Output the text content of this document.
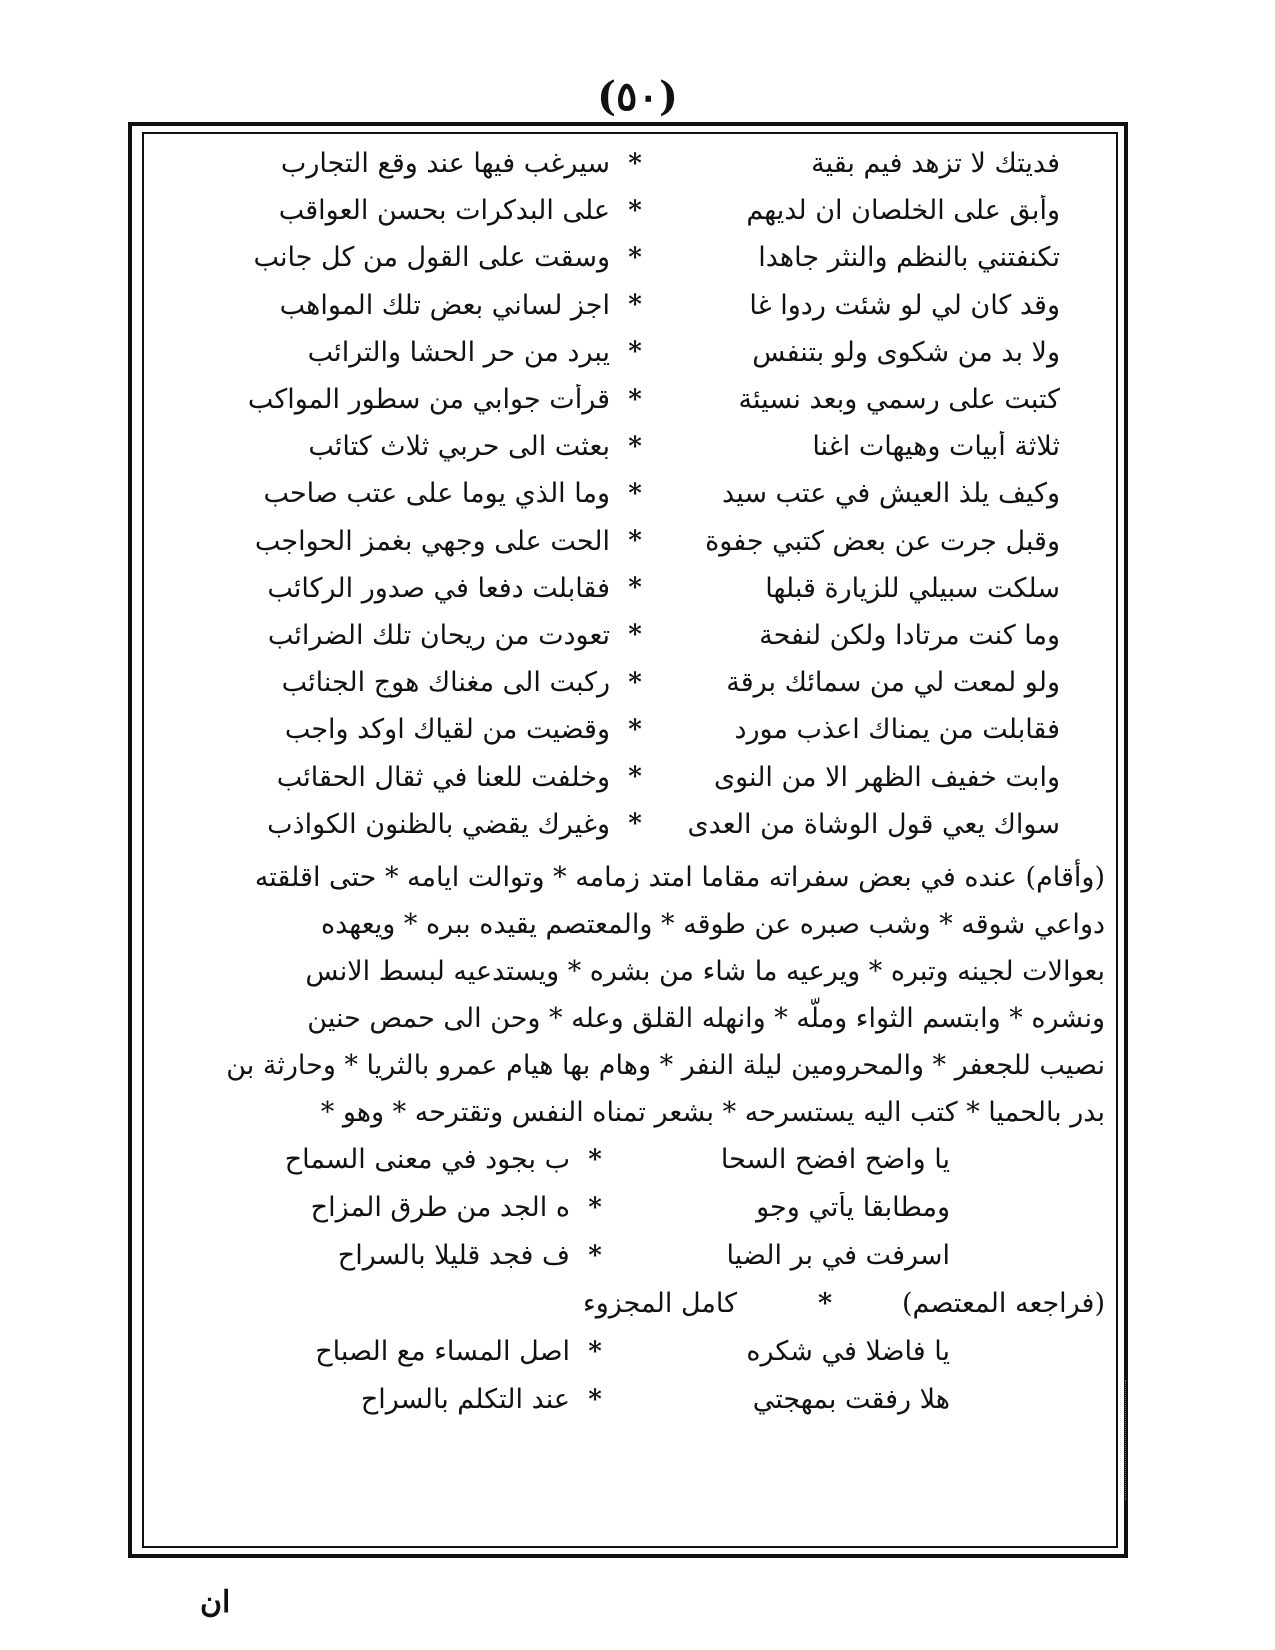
(٥٠)
فديتك لا تزهد فيم بقية
*
سيرغب فيها عند وقع التجارب
وأبق على الخلصان ان لديهم
*
على البدكرات بحسن العواقب
تكنفتني بالنظم والنثر جاهدا
*
وسقت على القول من كل جانب
وقد كان لي لو شئت ردوا غا
*
اجز لساني بعض تلك المواهب
ولا بد من شكوى ولو بتنفس
*
يبرد من حر الحشا والترائب
كتبت على رسمي وبعد نسيئة
*
قرأت جوابي من سطور المواكب
ثلاثة أبيات وهيهات اغنا
*
بعثت الى حربي ثلاث كتائب
وكيف يلذ العيش في عتب سيد
*
وما الذي يوما على عتب صاحب
وقبل جرت عن بعض كتبي جفوة
*
الحت على وجهي بغمز الحواجب
سلكت سبيلي للزيارة قبلها
*
فقابلت دفعا في صدور الركائب
وما كنت مرتادا ولكن لنفحة
*
تعودت من ريحان تلك الضرائب
ولو لمعت لي من سمائك برقة
*
ركبت الى مغناك هوج الجنائب
فقابلت من يمناك اعذب مورد
*
وقضيت من لقياك اوكد واجب
وابت خفيف الظهر الا من النوى
*
وخلفت للعنا في ثقال الحقائب
سواك يعي قول الوشاة من العدى
*
وغيرك يقضي بالظنون الكواذب
(وأقام) عنده في بعض سفراته مقاما امتد زمامه * وتوالت ايامه * حتى اقلقته
دواعي شوقه * وشب صبره عن طوقه * والمعتصم يقيده ببره * ويعهده
بعوالات لجينه وتبره * ويرعيه ما شاء من بشره * ويستدعيه لبسط الانس
ونشره * وابتسم الثواء وملّه * وانهله القلق وعله * وحن الى حمص حنين
نصيب للجعفر * والمحرومين ليلة النفر * وهام بها هيام عمرو بالثريا * وحارثة بن
بدر بالحميا * كتب اليه يستسرحه * بشعر تمناه النفس وتقترحه * وهو *
يا واضح افضح السحا
*
ب بجود في معنى السماح
ومطابقا يأتي وجو
*
ه الجد من طرق المزاح
اسرفت في بر الضيا
*
ف فجد قليلا بالسراح
(فراجعه المعتصم)
*
كامل المجزوء
يا فاضلا في شكره
*
اصل المساء مع الصباح
هلا رفقت بمهجتي
*
عند التكلم بالسراح
ان
